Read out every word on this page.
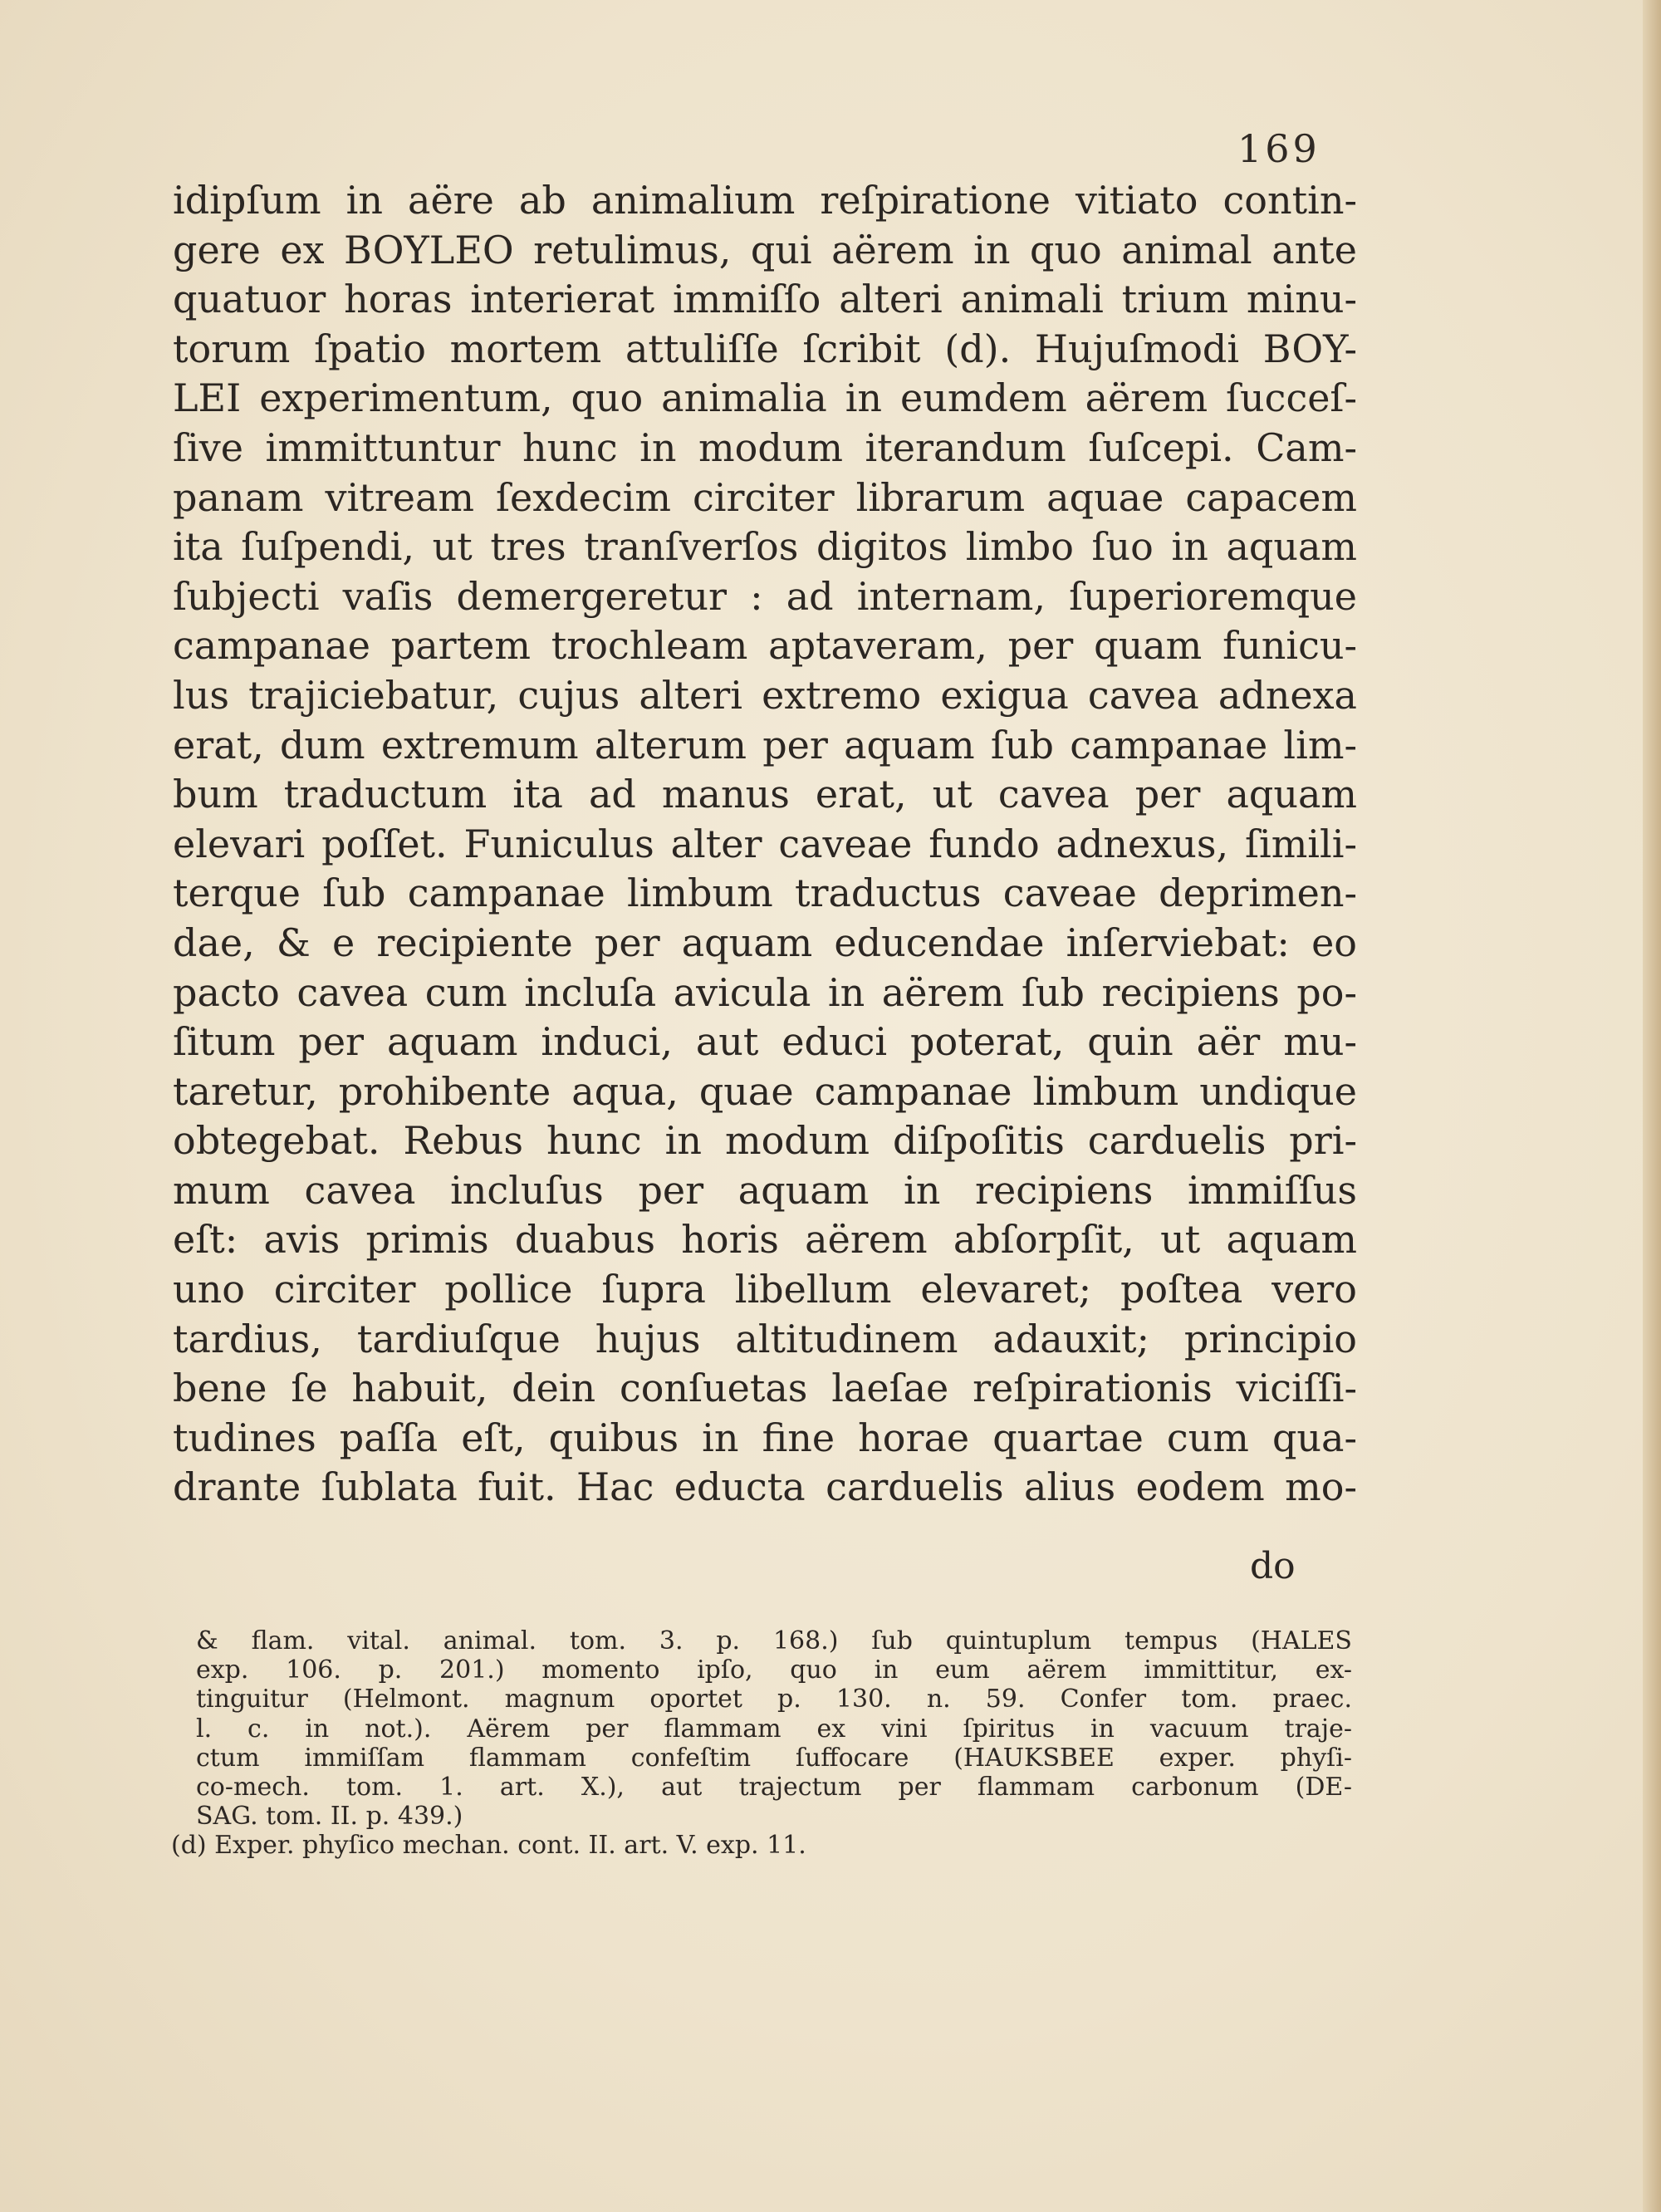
169
idipſum in aëre ab animalium reſpiratione vitiato contin-
gere ex BOYLEO retulimus, qui aërem in quo animal ante
quatuor horas interierat immiſſo alteri animali trium minu-
torum ſpatio mortem attuliſſe ſcribit (d). Hujuſmodi BOY-
LEI experimentum, quo animalia in eumdem aërem ſucceſ-
ſive immittuntur hunc in modum iterandum ſuſcepi. Cam-
panam vitream ſexdecim circiter librarum aquae capacem
ita ſuſpendi, ut tres tranſverſos digitos limbo ſuo in aquam
ſubjecti vaſis demergeretur : ad internam, ſuperioremque
campanae partem trochleam aptaveram, per quam funicu-
lus trajiciebatur, cujus alteri extremo exigua cavea adnexa
erat, dum extremum alterum per aquam ſub campanae lim-
bum traductum ita ad manus erat, ut cavea per aquam
elevari poſſet. Funiculus alter caveae fundo adnexus, ſimili-
terque ſub campanae limbum traductus caveae deprimen-
dae, & e recipiente per aquam educendae inſerviebat: eo
pacto cavea cum incluſa avicula in aërem ſub recipiens po-
ſitum per aquam induci, aut educi poterat, quin aër mu-
taretur, prohibente aqua, quae campanae limbum undique
obtegebat. Rebus hunc in modum diſpoſitis carduelis pri-
mum cavea incluſus per aquam in recipiens immiſſus
eſt: avis primis duabus horis aërem abſorpſit, ut aquam
uno circiter pollice ſupra libellum elevaret; poſtea vero
tardius, tardiuſque hujus altitudinem adauxit; principio
bene ſe habuit, dein conſuetas laeſae reſpirationis viciſſi-
tudines paſſa eſt, quibus in fine horae quartae cum qua-
drante ſublata fuit. Hac educta carduelis alius eodem mo-
do
& flam. vital. animal. tom. 3. p. 168.) ſub quintuplum tempus (HALES
exp. 106. p. 201.) momento ipſo, quo in eum aërem immittitur, ex-
tinguitur (Helmont. magnum oportet p. 130. n. 59. Confer tom. praec.
l. c. in not.). Aërem per flammam ex vini ſpiritus in vacuum traje-
ctum immiſſam flammam confeſtim ſuffocare (HAUKSBEE exper. phyſi-
co-mech. tom. 1. art. X.), aut trajectum per flammam carbonum (DE-
SAG. tom. II. p. 439.)
(d) Exper. phyſico mechan. cont. II. art. V. exp. 11.
